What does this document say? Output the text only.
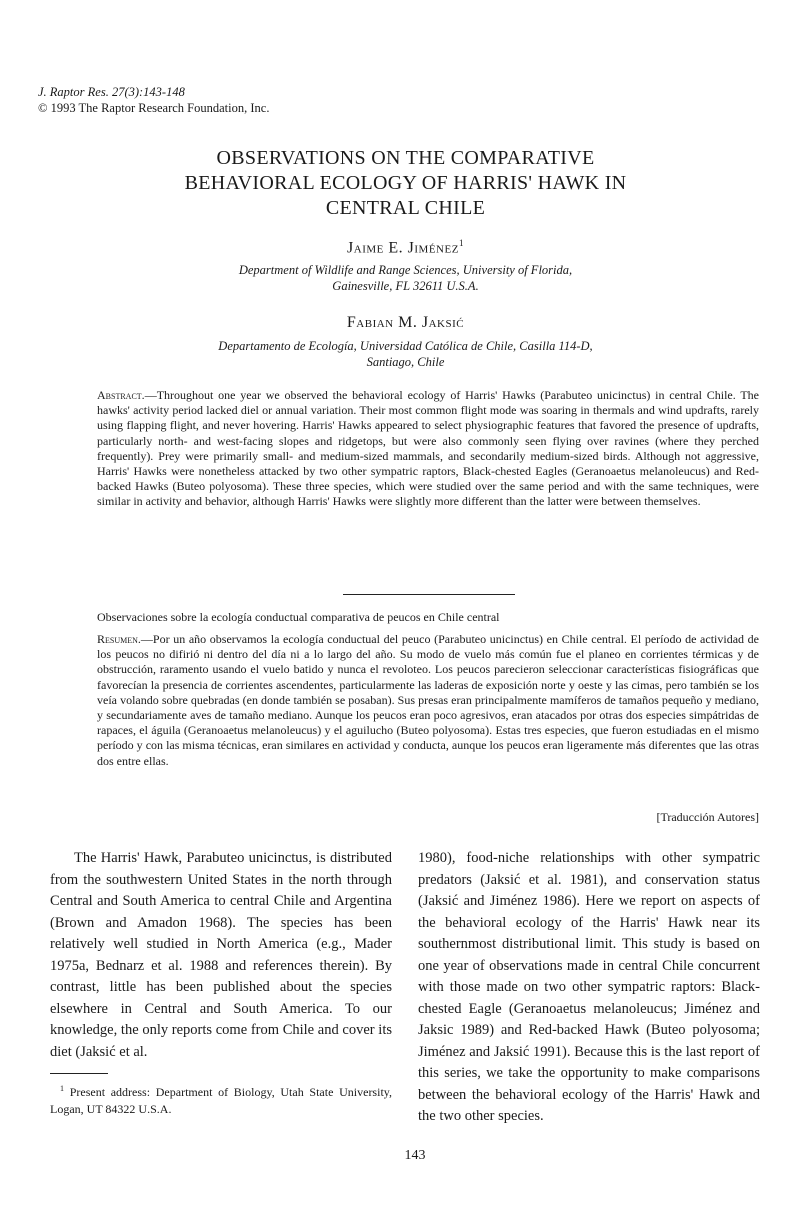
J. Raptor Res. 27(3):143-148
© 1993 The Raptor Research Foundation, Inc.
OBSERVATIONS ON THE COMPARATIVE
BEHAVIORAL ECOLOGY OF HARRIS' HAWK IN
CENTRAL CHILE
Jaime E. Jiménez$^1$
Department of Wildlife and Range Sciences, University of Florida,
Gainesville, FL 32611 U.S.A.
Fabian M. Jaksić
Departamento de Ecología, Universidad Católica de Chile, Casilla 114-D,
Santiago, Chile

Abstract.—Throughout one year we observed the behavioral ecology of Harris' Hawks (Parabuteo unicinctus) in central Chile. The hawks' activity period lacked diel or annual variation. Their most common flight mode was soaring in thermals and wind updrafts, rarely using flapping flight, and never hovering. Harris' Hawks appeared to select physiographic features that favored the presence of updrafts, particularly north- and west-facing slopes and ridgetops, but were also commonly seen flying over ravines (where they perched frequently). Prey were primarily small- and medium-sized mammals, and secondarily medium-sized birds. Although not aggressive, Harris' Hawks were nonetheless attacked by two other sympatric raptors, Black-chested Eagles (Geranoaetus melanoleucus) and Red-backed Hawks (Buteo polyosoma). These three species, which were studied over the same period and with the same techniques, were similar in activity and behavior, although Harris' Hawks were slightly more different than the latter were between themselves.

Observaciones sobre la ecología conductual comparativa de peucos en Chile central

Resumen.—Por un año observamos la ecología conductual del peuco (Parabuteo unicinctus) en Chile central. El período de actividad de los peucos no difirió ni dentro del día ni a lo largo del año. Su modo de vuelo más común fue el planeo en corrientes térmicas y de obstrucción, raramento usando el vuelo batido y nunca el revoloteo. Los peucos parecieron seleccionar características fisiográficas que favorecían la presencia de corrientes ascendentes, particularmente las laderas de exposición norte y oeste y las cimas, pero también se los veía volando sobre quebradas (en donde también se posaban). Sus presas eran principalmente mamíferos de tamaños pequeño y mediano, y secundariamente aves de tamaño mediano. Aunque los peucos eran poco agresivos, eran atacados por otras dos especies simpátridas de rapaces, el águila (Geranoaetus melanoleucus) y el aguilucho (Buteo polyosoma). Estas tres especies, que fueron estudiadas en el mismo período y con las misma técnicas, eran similares en actividad y conducta, aunque los peucos eran ligeramente más diferentes que las otras dos entre ellas.

[Traducción Autores]

The Harris' Hawk, Parabuteo unicinctus, is distributed from the southwestern United States in the north through Central and South America to central Chile and Argentina (Brown and Amadon 1968). The species has been relatively well studied in North America (e.g., Mader 1975a, Bednarz et al. 1988 and references therein). By contrast, little has been published about the species elsewhere in Central and South America. To our knowledge, the only reports come from Chile and cover its diet (Jaksić et al.

1980), food-niche relationships with other sympatric predators (Jaksić et al. 1981), and conservation status (Jaksić and Jiménez 1986). Here we report on aspects of the behavioral ecology of the Harris' Hawk near its southernmost distributional limit. This study is based on one year of observations made in central Chile concurrent with those made on two other sympatric raptors: Black-chested Eagle (Geranoaetus melanoleucus; Jiménez and Jaksic 1989) and Red-backed Hawk (Buteo polyosoma; Jiménez and Jaksić 1991). Because this is the last report of this series, we take the opportunity to make comparisons between the behavioral ecology of the Harris' Hawk and the two other species.

$^1$ Present address: Department of Biology, Utah State University, Logan, UT 84322 U.S.A.

143
